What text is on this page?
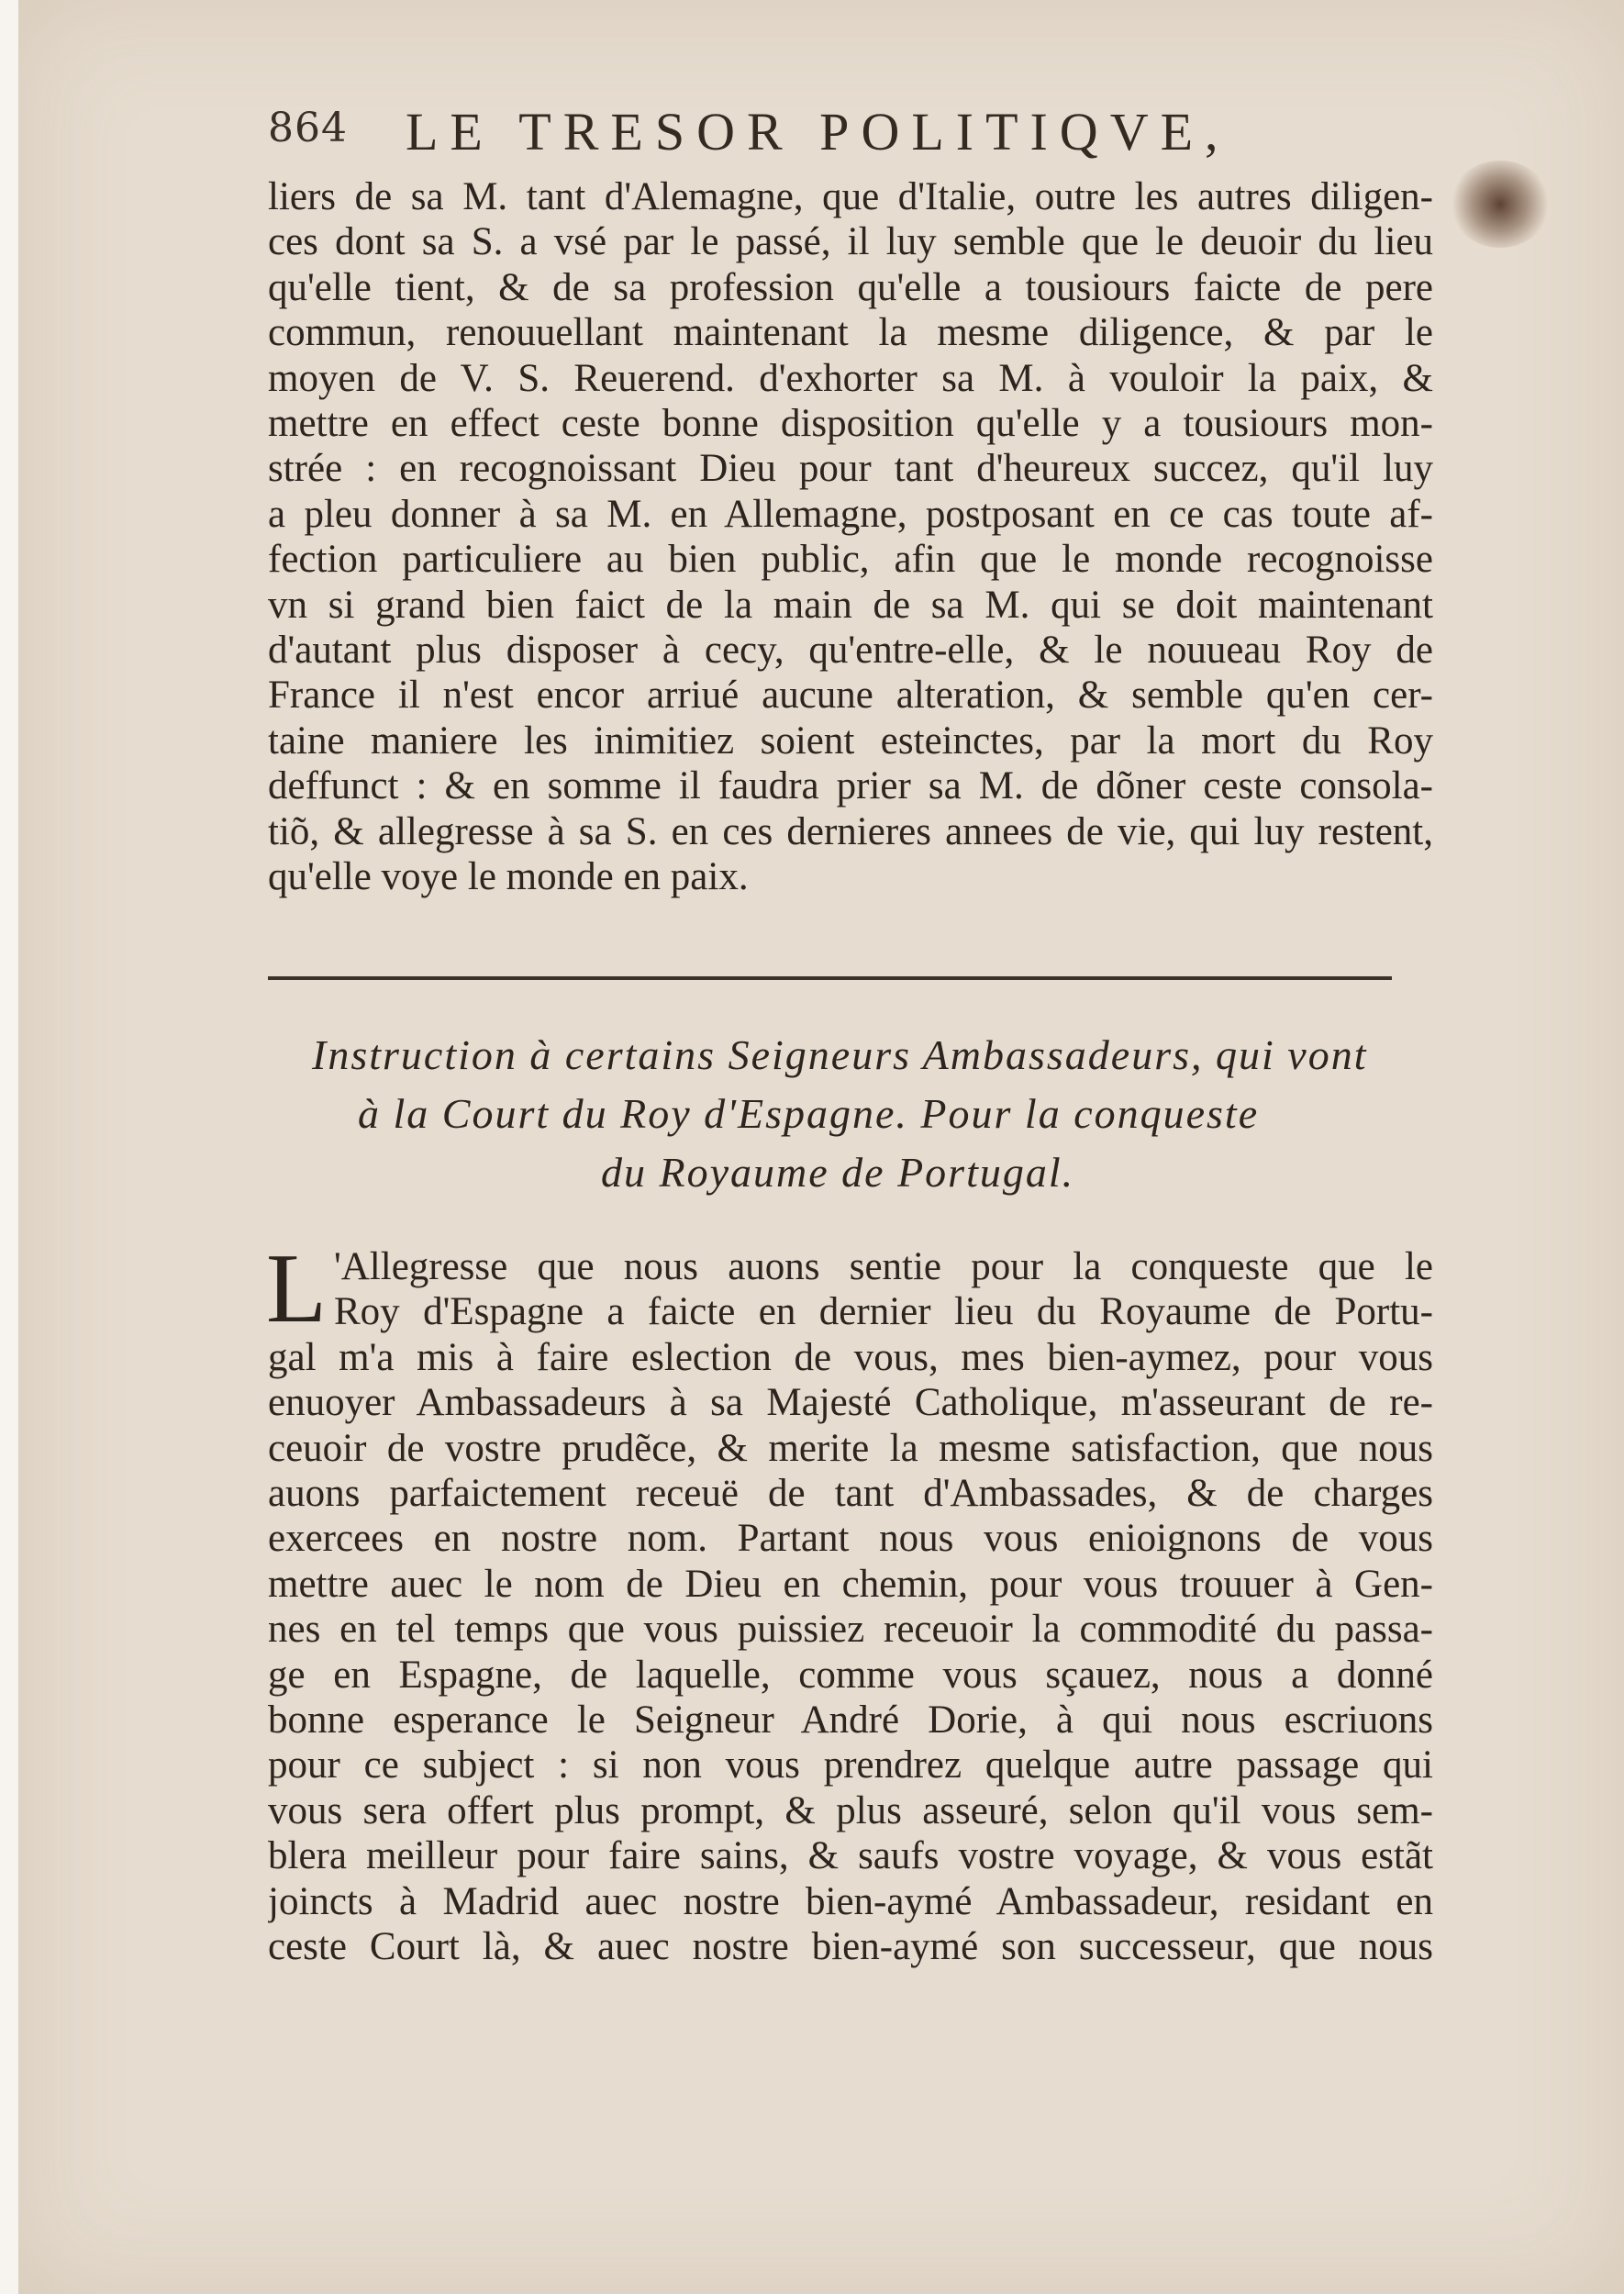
864 LE TRESOR POLITIQVE,
liers de sa M. tant d'Alemagne, que d'Italie, outre les autres diligen-
ces dont sa S. a vsé par le passé, il luy semble que le deuoir du lieu
qu'elle tient, & de sa profession qu'elle a tousiours faicte de pere
commun, renouuellant maintenant la mesme diligence, & par le
moyen de V. S. Reuerend. d'exhorter sa M. à vouloir la paix, &
mettre en effect ceste bonne disposition qu'elle y a tousiours mon-
strée : en recognoissant Dieu pour tant d'heureux succez, qu'il luy
a pleu donner à sa M. en Allemagne, postposant en ce cas toute af-
fection particuliere au bien public, afin que le monde recognoisse
vn si grand bien faict de la main de sa M. qui se doit maintenant
d'autant plus disposer à cecy, qu'entre-elle, & le nouueau Roy de
France il n'est encor arriué aucune alteration, & semble qu'en cer-
taine maniere les inimitiez soient esteinctes, par la mort du Roy
deffunct : & en somme il faudra prier sa M. de dõner ceste consola-
tiõ, & allegresse à sa S. en ces dernieres annees de vie, qui luy restent,
qu'elle voye le monde en paix.
Instruction à certains Seigneurs Ambassadeurs, qui vont
à la Court du Roy d'Espagne. Pour la conqueste
du Royaume de Portugal.
L 'Allegresse que nous auons sentie pour la conqueste que le
Roy d'Espagne a faicte en dernier lieu du Royaume de Portu-
gal m'a mis à faire eslection de vous, mes bien-aymez, pour vous
enuoyer Ambassadeurs à sa Majesté Catholique, m'asseurant de re-
ceuoir de vostre prudẽce, & merite la mesme satisfaction, que nous
auons parfaictement receuë de tant d'Ambassades, & de charges
exercees en nostre nom. Partant nous vous enioignons de vous
mettre auec le nom de Dieu en chemin, pour vous trouuer à Gen-
nes en tel temps que vous puissiez receuoir la commodité du passa-
ge en Espagne, de laquelle, comme vous sçauez, nous a donné
bonne esperance le Seigneur André Dorie, à qui nous escriuons
pour ce subject : si non vous prendrez quelque autre passage qui
vous sera offert plus prompt, & plus asseuré, selon qu'il vous sem-
blera meilleur pour faire sains, & saufs vostre voyage, & vous estãt
joincts à Madrid auec nostre bien-aymé Ambassadeur, residant en
ceste Court là, & auec nostre bien-aymé son successeur, que nous
